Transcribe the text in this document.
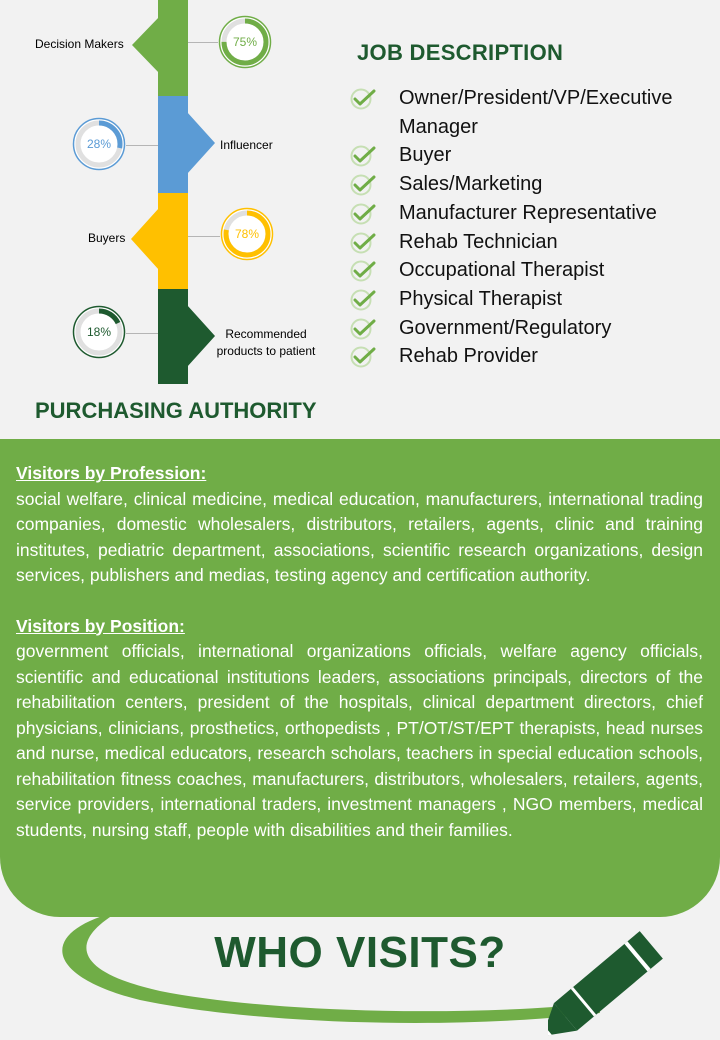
Decision Makers
Influencer
Buyers
Recommended products to patient
75%
28%
78%
18%
JOB DESCRIPTION
Owner/President/VP/Executive Manager
Buyer
Sales/Marketing
Manufacturer Representative
Rehab Technician
Occupational Therapist
Physical Therapist
Government/Regulatory
Rehab Provider
PURCHASING AUTHORITY
Visitors by Profession:

social welfare, clinical medicine, medical education, manufacturers, international trading companies, domestic wholesalers, distributors, retailers, agents, clinic and training institutes, pediatric department, associations, scientific research organizations, design services, publishers and medias, testing agency and certification authority.

Visitors by Position:

government officials, international organizations officials, welfare agency officials, scientific and educational institutions leaders, associations principals, directors of the rehabilitation centers, president of the hospitals, clinical department directors, chief physicians, clinicians, prosthetics, orthopedists , PT/OT/ST/EPT therapists, head nurses and nurse, medical educators, research scholars, teachers in special education schools, rehabilitation fitness coaches, manufacturers, distributors, wholesalers, retailers, agents, service providers, international traders, investment managers , NGO members, medical students, nursing staff, people with disabilities and their families.

WHO VISITS?
